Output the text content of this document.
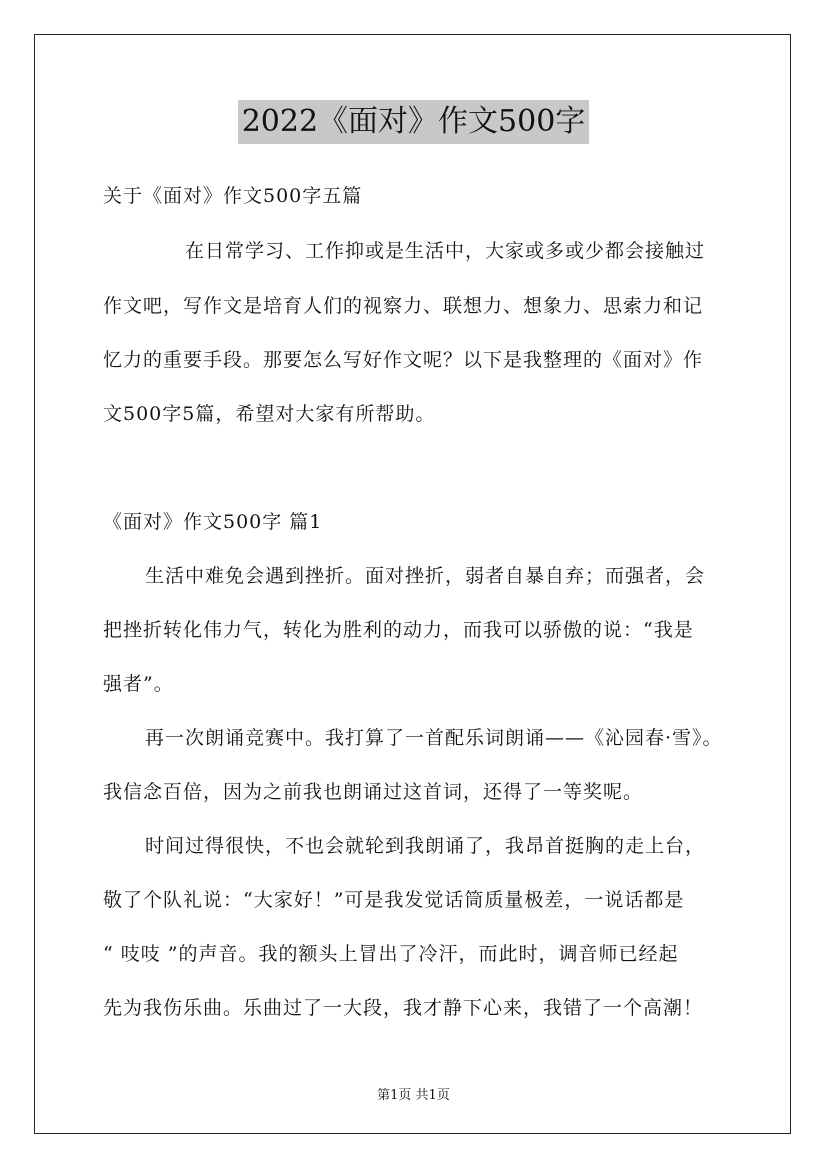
2022《面对》作文500字
关于《面对》作文500字五篇
在日常学习、工作抑或是生活中，大家或多或少都会接触过
作文吧，写作文是培育人们的视察力、联想力、想象力、思索力和记
忆力的重要手段。那要怎么写好作文呢？以下是我整理的《面对》作
文500字5篇，希望对大家有所帮助。
《面对》作文500字 篇1
生活中难免会遇到挫折。面对挫折，弱者自暴自弃；而强者，会
把挫折转化伟力气，转化为胜利的动力，而我可以骄傲的说：“我是
强者”。
再一次朗诵竞赛中。我打算了一首配乐词朗诵——《沁园春·雪》。
我信念百倍，因为之前我也朗诵过这首词，还得了一等奖呢。
时间过得很快，不也会就轮到我朗诵了，我昂首挺胸的走上台，
敬了个队礼说：“大家好！”可是我发觉话筒质量极差，一说话都是
“ 吱吱 ”的声音。我的额头上冒出了冷汗，而此时，调音师已经起
先为我伤乐曲。乐曲过了一大段，我才静下心来，我错了一个高潮！
第1页 共1页
